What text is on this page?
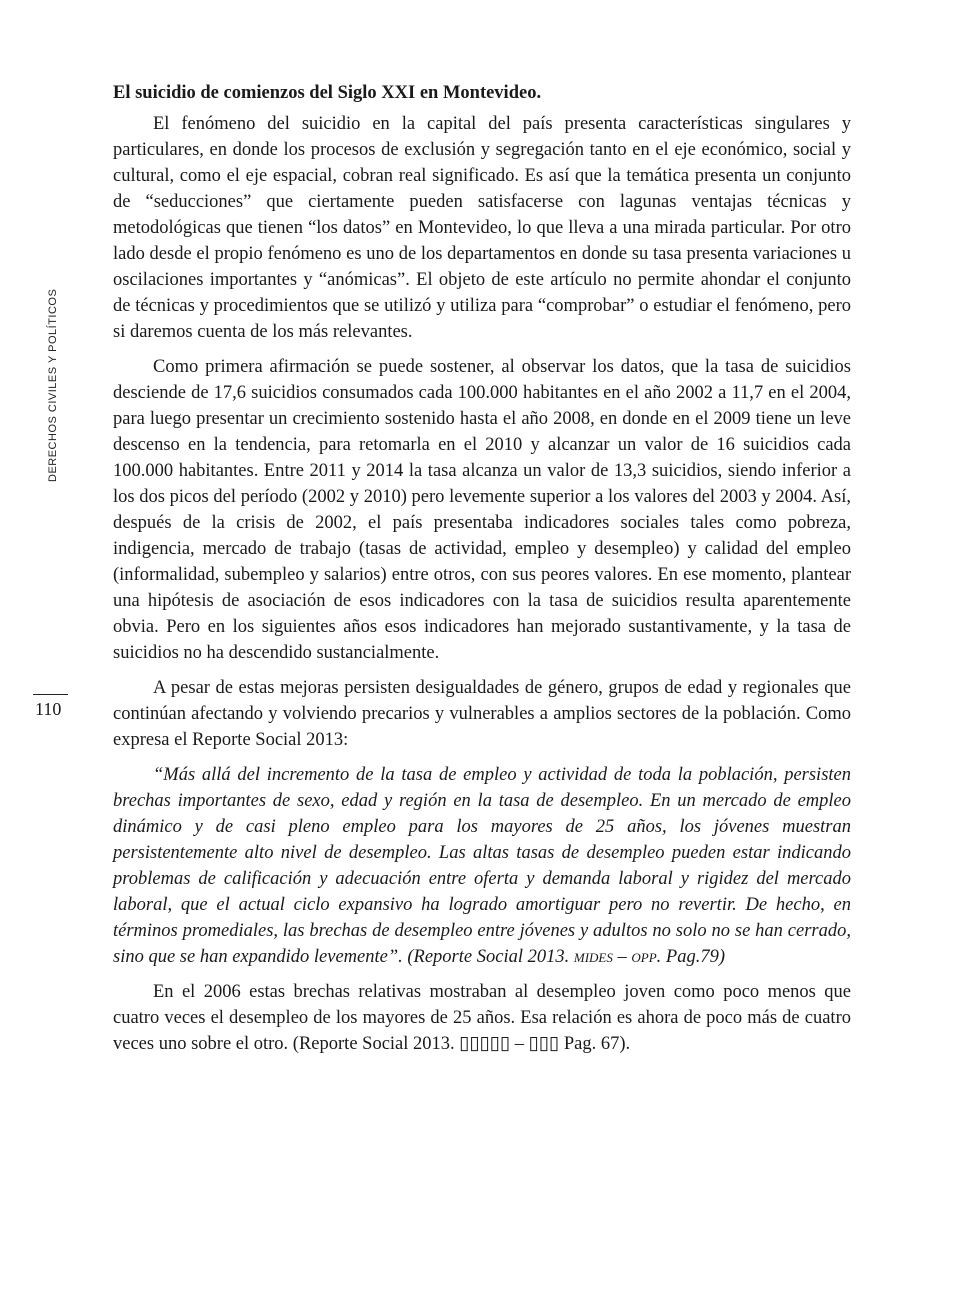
DERECHOS CIVILES Y POLÍTICOS
110

El suicidio de comienzos del Siglo XXI en Montevideo.

El fenómeno del suicidio en la capital del país presenta características singulares y particulares, en donde los procesos de exclusión y segregación tanto en el eje económico, social y cultural, como el eje espacial, cobran real significado. Es así que la temática presenta un conjunto de “seducciones” que ciertamente pueden satisfacerse con lagunas ventajas técnicas y metodológicas que tienen “los datos” en Montevideo, lo que lleva a una mirada particular. Por otro lado desde el propio fenómeno es uno de los departamentos en donde su tasa presenta variaciones u oscilaciones importantes y “anómicas”. El objeto de este artículo no permite ahondar el conjunto de técnicas y procedimientos que se utilizó y utiliza para “comprobar” o estudiar el fenómeno, pero si daremos cuenta de los más relevantes.

Como primera afirmación se puede sostener, al observar los datos, que la tasa de suicidios desciende de 17,6 suicidios consumados cada 100.000 habitantes en el año 2002 a 11,7 en el 2004, para luego presentar un crecimiento sostenido hasta el año 2008, en donde en el 2009 tiene un leve descenso en la tendencia, para retomarla en el 2010 y alcanzar un valor de 16 suicidios cada 100.000 habitantes. Entre 2011 y 2014 la tasa alcanza un valor de 13,3 suicidios, siendo inferior a los dos picos del período (2002 y 2010) pero levemente superior a los valores del 2003 y 2004. Así, después de la crisis de 2002, el país presentaba indicadores sociales tales como pobreza, indigencia, mercado de trabajo (tasas de actividad, empleo y desempleo) y calidad del empleo (informalidad, subempleo y salarios) entre otros, con sus peores valores. En ese momento, plantear una hipótesis de asociación de esos indicadores con la tasa de suicidios resulta aparentemente obvia. Pero en los siguientes años esos indicadores han mejorado sustantivamente, y la tasa de suicidios no ha descendido sustancialmente.

A pesar de estas mejoras persisten desigualdades de género, grupos de edad y regionales que continúan afectando y volviendo precarios y vulnerables a amplios sectores de la población. Como expresa el Reporte Social 2013:

“Más allá del incremento de la tasa de empleo y actividad de toda la población, persisten brechas importantes de sexo, edad y región en la tasa de desempleo. En un mercado de empleo dinámico y de casi pleno empleo para los mayores de 25 años, los jóvenes muestran persistentemente alto nivel de desempleo. Las altas tasas de desempleo pueden estar indicando problemas de calificación y adecuación entre oferta y demanda laboral y rigidez del mercado laboral, que el actual ciclo expansivo ha logrado amortiguar pero no revertir. De hecho, en términos promediales, las brechas de desempleo entre jóvenes y adultos no solo no se han cerrado, sino que se han expandido levemente”. (Reporte Social 2013. mides – opp. Pag.79)

En el 2006 estas brechas relativas mostraban al desempleo joven como poco menos que cuatro veces el desempleo de los mayores de 25 años. Esa relación es ahora de poco más de cuatro veces uno sobre el otro. (Reporte Social 2013. ▯▯▯▯▯ – ▯▯▯ Pag. 67).
